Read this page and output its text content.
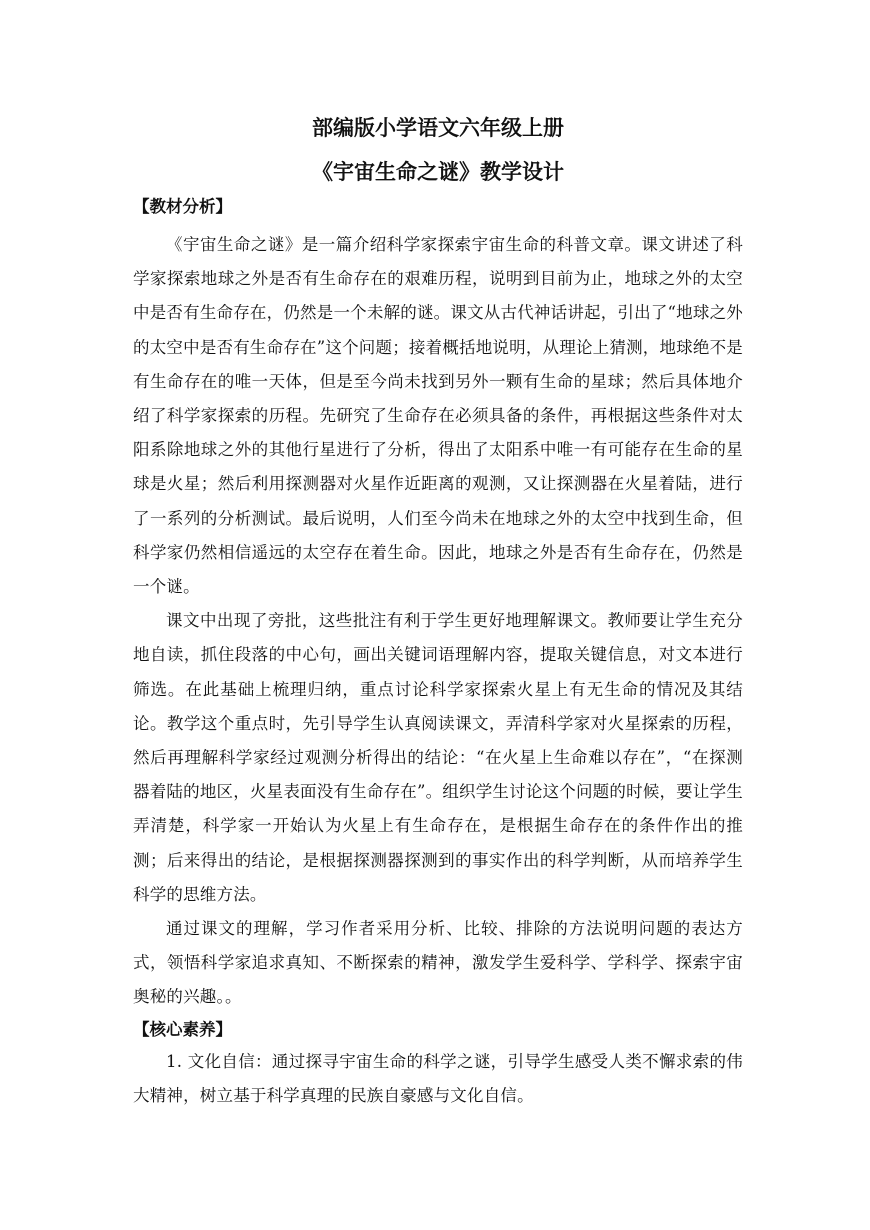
部编版小学语文六年级上册
《宇宙生命之谜》教学设计
【教材分析】

《宇宙生命之谜》是一篇介绍科学家探索宇宙生命的科普文章。课文讲述了科学家探索地球之外是否有生命存在的艰难历程，说明到目前为止，地球之外的太空中是否有生命存在，仍然是一个未解的谜。课文从古代神话讲起，引出了“地球之外的太空中是否有生命存在”这个问题；接着概括地说明，从理论上猜测，地球绝不是有生命存在的唯一天体，但是至今尚未找到另外一颗有生命的星球；然后具体地介绍了科学家探索的历程。先研究了生命存在必须具备的条件，再根据这些条件对太阳系除地球之外的其他行星进行了分析，得出了太阳系中唯一有可能存在生命的星球是火星；然后利用探测器对火星作近距离的观测，又让探测器在火星着陆，进行了一系列的分析测试。最后说明，人们至今尚未在地球之外的太空中找到生命，但科学家仍然相信遥远的太空存在着生命。因此，地球之外是否有生命存在，仍然是一个谜。

课文中出现了旁批，这些批注有利于学生更好地理解课文。教师要让学生充分地自读，抓住段落的中心句，画出关键词语理解内容，提取关键信息，对文本进行筛选。在此基础上梳理归纳，重点讨论科学家探索火星上有无生命的情况及其结论。教学这个重点时，先引导学生认真阅读课文，弄清科学家对火星探索的历程，然后再理解科学家经过观测分析得出的结论：“在火星上生命难以存在”，“在探测器着陆的地区，火星表面没有生命存在”。组织学生讨论这个问题的时候，要让学生弄清楚，科学家一开始认为火星上有生命存在，是根据生命存在的条件作出的推测；后来得出的结论，是根据探测器探测到的事实作出的科学判断，从而培养学生科学的思维方法。

通过课文的理解，学习作者采用分析、比较、排除的方法说明问题的表达方式，领悟科学家追求真知、不断探索的精神，激发学生爱科学、学科学、探索宇宙奥秘的兴趣。。

【核心素养】

1. 文化自信：通过探寻宇宙生命的科学之谜，引导学生感受人类不懈求索的伟大精神，树立基于科学真理的民族自豪感与文化自信。
